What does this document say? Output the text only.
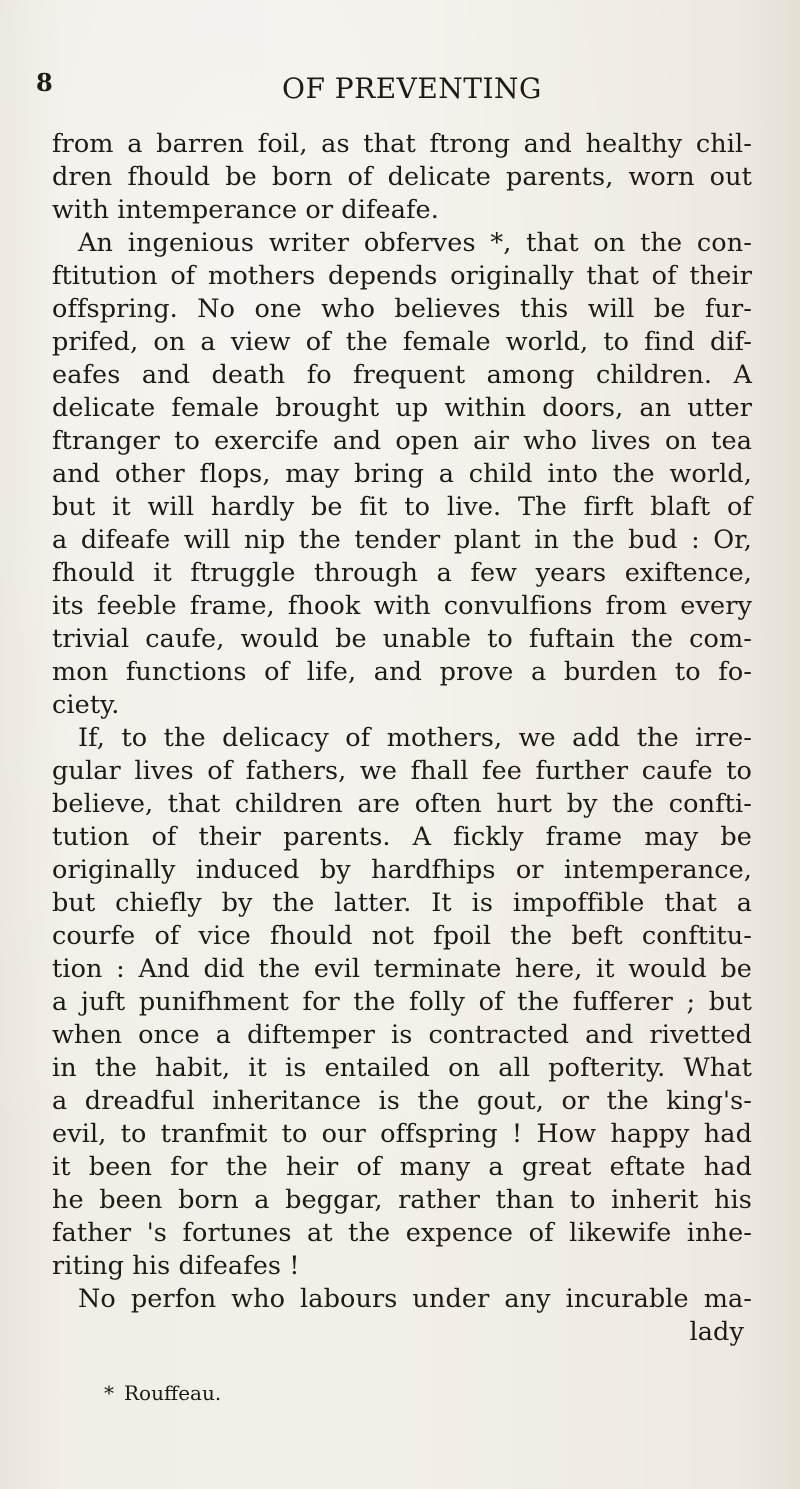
8	OF PREVENTING
from a barren foil, as that ftrong and healthy chil-
dren fhould be born of delicate parents, worn out
with intemperance or difeafe.
An ingenious writer obferves *, that on the con-
ftitution of mothers depends originally that of their
offspring. No one who believes this will be fur-
prifed, on a view of the female world, to find dif-
eafes and death fo frequent among children. A
delicate female brought up within doors, an utter
ftranger to exercife and open air who lives on tea
and other flops, may bring a child into the world,
but it will hardly be fit to live. The firft blaft of
a difeafe will nip the tender plant in the bud : Or,
fhould it ftruggle through a few years exiftence,
its feeble frame, fhook with convulfions from every
trivial caufe, would be unable to fuftain the com-
mon functions of life, and prove a burden to fo-
ciety.
If, to the delicacy of mothers, we add the irre-
gular lives of fathers, we fhall fee further caufe to
believe, that children are often hurt by the confti-
tution of their parents. A fickly frame may be
originally induced by hardfhips or intemperance,
but chiefly by the latter. It is impoffible that a
courfe of vice fhould not fpoil the beft conftitu-
tion : And did the evil terminate here, it would be
a juft punifhment for the folly of the fufferer ; but
when once a diftemper is contracted and rivetted
in the habit, it is entailed on all pofterity. What
a dreadful inheritance is the gout, or the king's-
evil, to tranfmit to our offspring ! How happy had
it been for the heir of many a great eftate had
he been born a beggar, rather than to inherit his
father 's fortunes at the expence of likewife inhe-
riting his difeafes !
No perfon who labours under any incurable ma-
lady
* Rouffeau.
